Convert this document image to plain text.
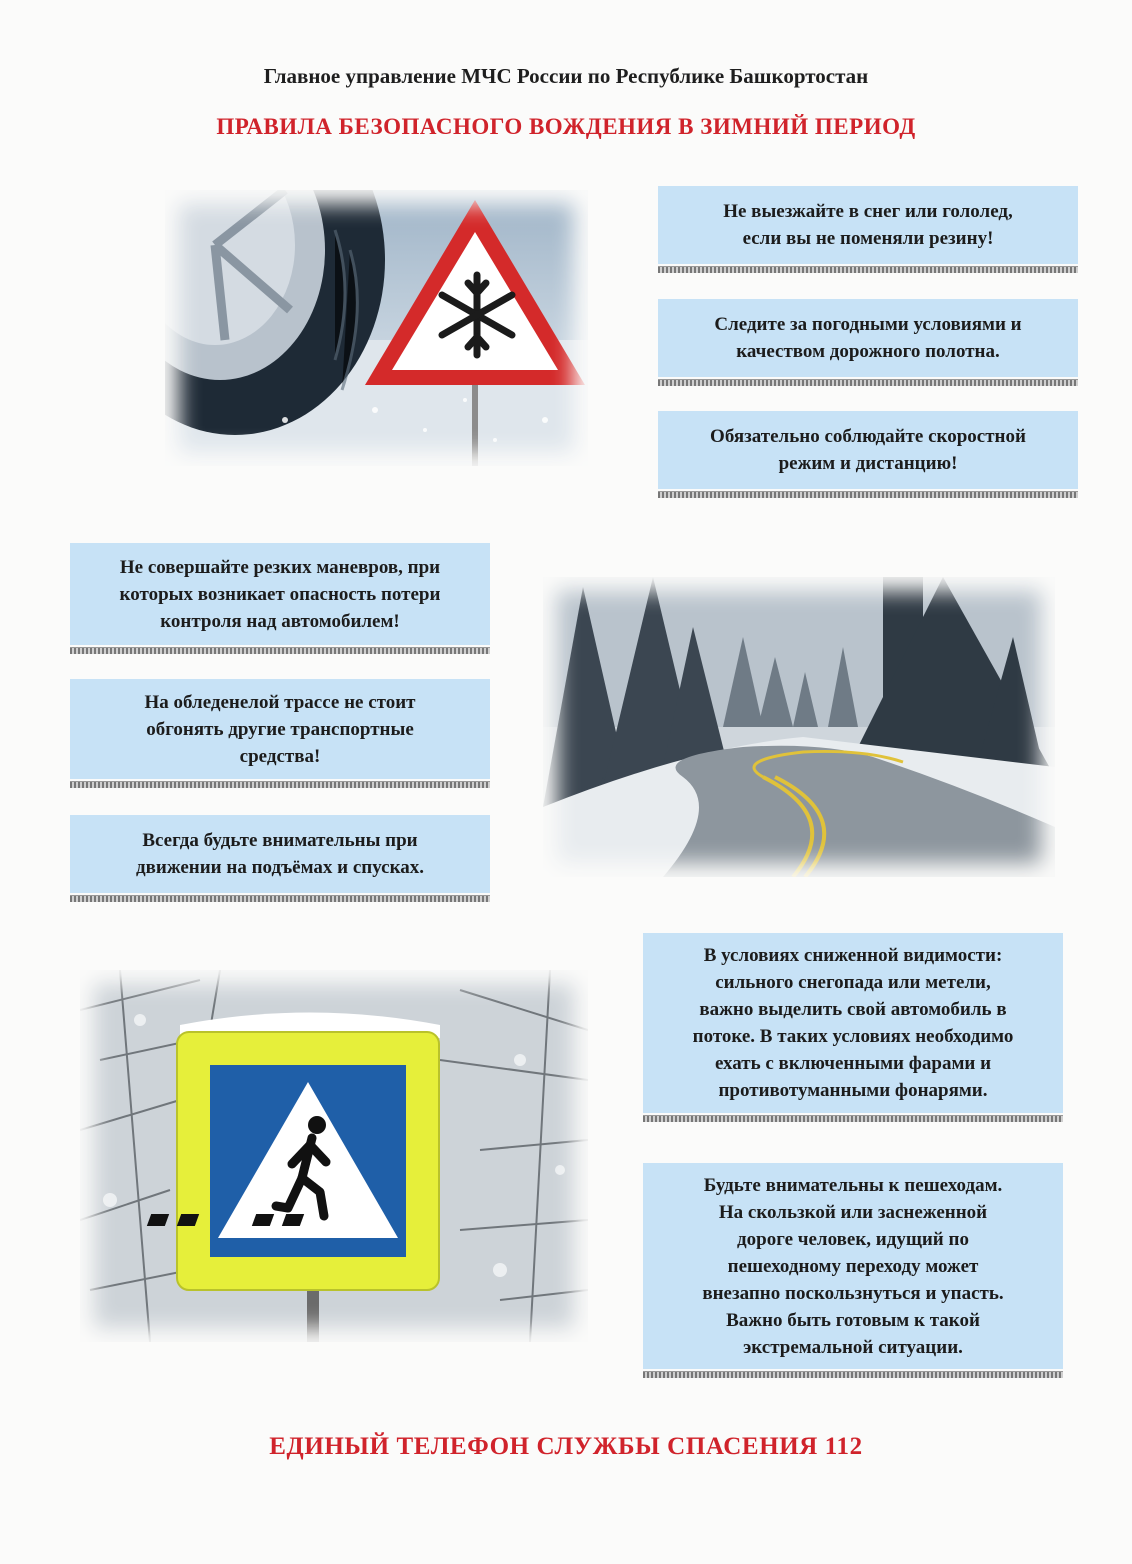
Главное управление МЧС России по Республике Башкортостан
ПРАВИЛА БЕЗОПАСНОГО ВОЖДЕНИЯ В ЗИМНИЙ ПЕРИОД
Не выезжайте в снег или гололед,
если вы не поменяли резину!
Следите за погодными условиями и
качеством дорожного полотна.
Обязательно соблюдайте скоростной
режим и дистанцию!
Не совершайте резких маневров, при
которых возникает опасность потери
контроля над автомобилем!
На обледенелой трассе не стоит
обгонять другие транспортные
средства!
Всегда будьте внимательны при
движении на подъёмах и спусках.
В условиях сниженной видимости:
сильного снегопада или метели,
важно выделить свой автомобиль в
потоке. В таких условиях необходимо
ехать с включенными фарами и
противотуманными фонарями.
Будьте внимательны к пешеходам.
На скользкой или заснеженной
дороге человек, идущий по
пешеходному переходу может
внезапно поскользнуться и упасть.
Важно быть готовым к такой
экстремальной ситуации.
ЕДИНЫЙ ТЕЛЕФОН СЛУЖБЫ СПАСЕНИЯ 112
